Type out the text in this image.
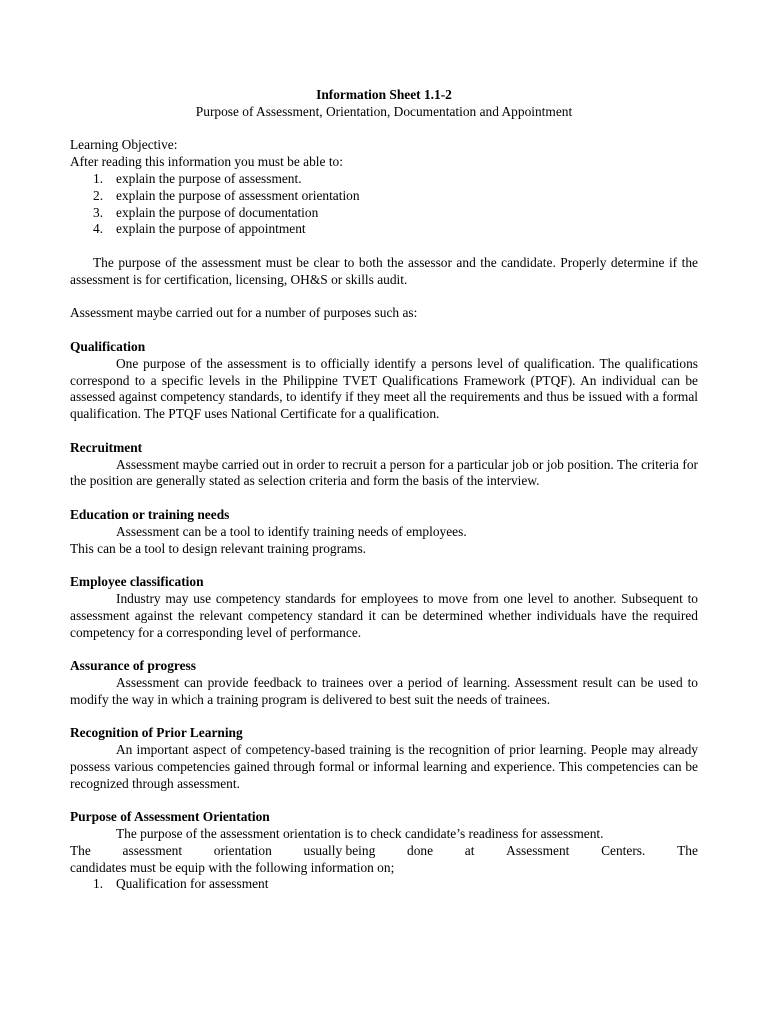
Information Sheet 1.1-2
Purpose of Assessment, Orientation, Documentation and Appointment
Learning Objective:
After reading this information you must be able to:
1. explain the purpose of assessment.
2. explain the purpose of assessment orientation
3. explain the purpose of documentation
4. explain the purpose of appointment
The purpose of the assessment must be clear to both the assessor and the candidate. Properly determine if the assessment is for certification, licensing, OH&S or skills audit.
Assessment maybe carried out for a number of purposes such as:
Qualification
One purpose of the assessment is to officially identify a persons level of qualification. The qualifications correspond to a specific levels in the Philippine TVET Qualifications Framework (PTQF). An individual can be assessed against competency standards, to identify if they meet all the requirements and thus be issued with a formal qualification. The PTQF uses National Certificate for a qualification.
Recruitment
Assessment maybe carried out in order to recruit a person for a particular job or job position. The criteria for the position are generally stated as selection criteria and form the basis of the interview.
Education or training needs
Assessment can be a tool to identify training needs of employees.
This can be a tool to design relevant training programs.
Employee classification
Industry may use competency standards for employees to move from one level to another. Subsequent to assessment against the relevant competency standard it can be determined whether individuals have the required competency for a corresponding level of performance.
Assurance of progress
Assessment can provide feedback to trainees over a period of learning. Assessment result can be used to modify the way in which a training program is delivered to best suit the needs of trainees.
Recognition of Prior Learning
An important aspect of competency-based training is the recognition of prior learning. People may already possess various competencies gained through formal or informal learning and experience. This competencies can be recognized through assessment.
Purpose of Assessment Orientation
The purpose of the assessment orientation is to check candidate’s readiness for assessment.
The assessment orientation usually being done at Assessment Centers. The
candidates must be equip with the following information on;
1. Qualification for assessment
